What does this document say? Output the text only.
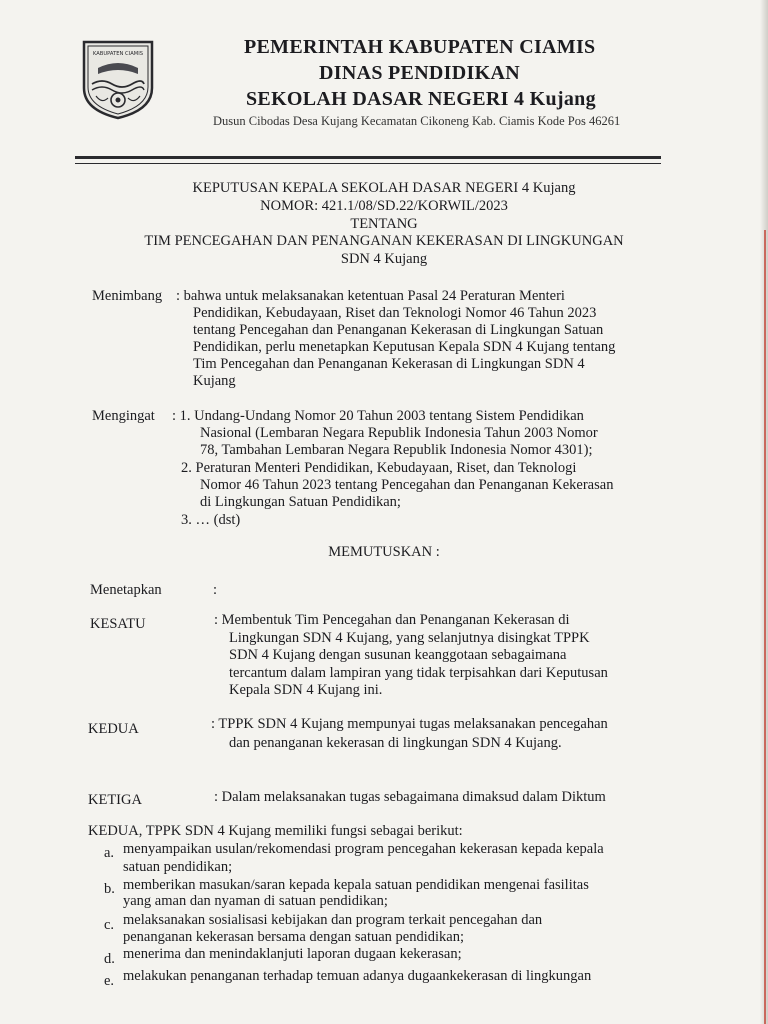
KABUPATEN CIAMIS	PEMERINTAH KABUPATEN CIAMIS
DINAS PENDIDIKAN
SEKOLAH DASAR NEGERI 4 Kujang
Dusun Cibodas Desa Kujang Kecamatan Cikoneng Kab. Ciamis Kode Pos 46261
KEPUTUSAN KEPALA SEKOLAH DASAR NEGERI 4 Kujang
NOMOR: 421.1/08/SD.22/KORWIL/2023
TENTANG
TIM PENCEGAHAN DAN PENANGANAN KEKERASAN DI LINGKUNGAN
SDN 4 Kujang
Menimbang : bahwa untuk melaksanakan ketentuan Pasal 24 Peraturan Menteri
Pendidikan, Kebudayaan, Riset dan Teknologi Nomor 46 Tahun 2023
tentang Pencegahan dan Penanganan Kekerasan di Lingkungan Satuan
Pendidikan, perlu menetapkan Keputusan Kepala SDN 4 Kujang tentang
Tim Pencegahan dan Penanganan Kekerasan di Lingkungan SDN 4
Kujang
Mengingat : 1. Undang-Undang Nomor 20 Tahun 2003 tentang Sistem Pendidikan
Nasional (Lembaran Negara Republik Indonesia Tahun 2003 Nomor
78, Tambahan Lembaran Negara Republik Indonesia Nomor 4301);
2. Peraturan Menteri Pendidikan, Kebudayaan, Riset, dan Teknologi
Nomor 46 Tahun 2023 tentang Pencegahan dan Penanganan Kekerasan
di Lingkungan Satuan Pendidikan;
3. … (dst)
MEMUTUSKAN :
Menetapkan	:
KESATU	: Membentuk Tim Pencegahan dan Penanganan Kekerasan di
Lingkungan SDN 4 Kujang, yang selanjutnya disingkat TPPK
SDN 4 Kujang dengan susunan keanggotaan sebagaimana
tercantum dalam lampiran yang tidak terpisahkan dari Keputusan
Kepala SDN 4 Kujang ini.
KEDUA	: TPPK SDN 4 Kujang mempunyai tugas melaksanakan pencegahan
dan penanganan kekerasan di lingkungan SDN 4 Kujang.
KETIGA	: Dalam melaksanakan tugas sebagaimana dimaksud dalam Diktum
KEDUA, TPPK SDN 4 Kujang memiliki fungsi sebagai berikut:
a. menyampaikan usulan/rekomendasi program pencegahan kekerasan kepada kepala
satuan pendidikan;
b. memberikan masukan/saran kepada kepala satuan pendidikan mengenai fasilitas
yang aman dan nyaman di satuan pendidikan;
c. melaksanakan sosialisasi kebijakan dan program terkait pencegahan dan
penanganan kekerasan bersama dengan satuan pendidikan;
d. menerima dan menindaklanjuti laporan dugaan kekerasan;
e. melakukan penanganan terhadap temuan adanya dugaankekerasan di lingkungan
